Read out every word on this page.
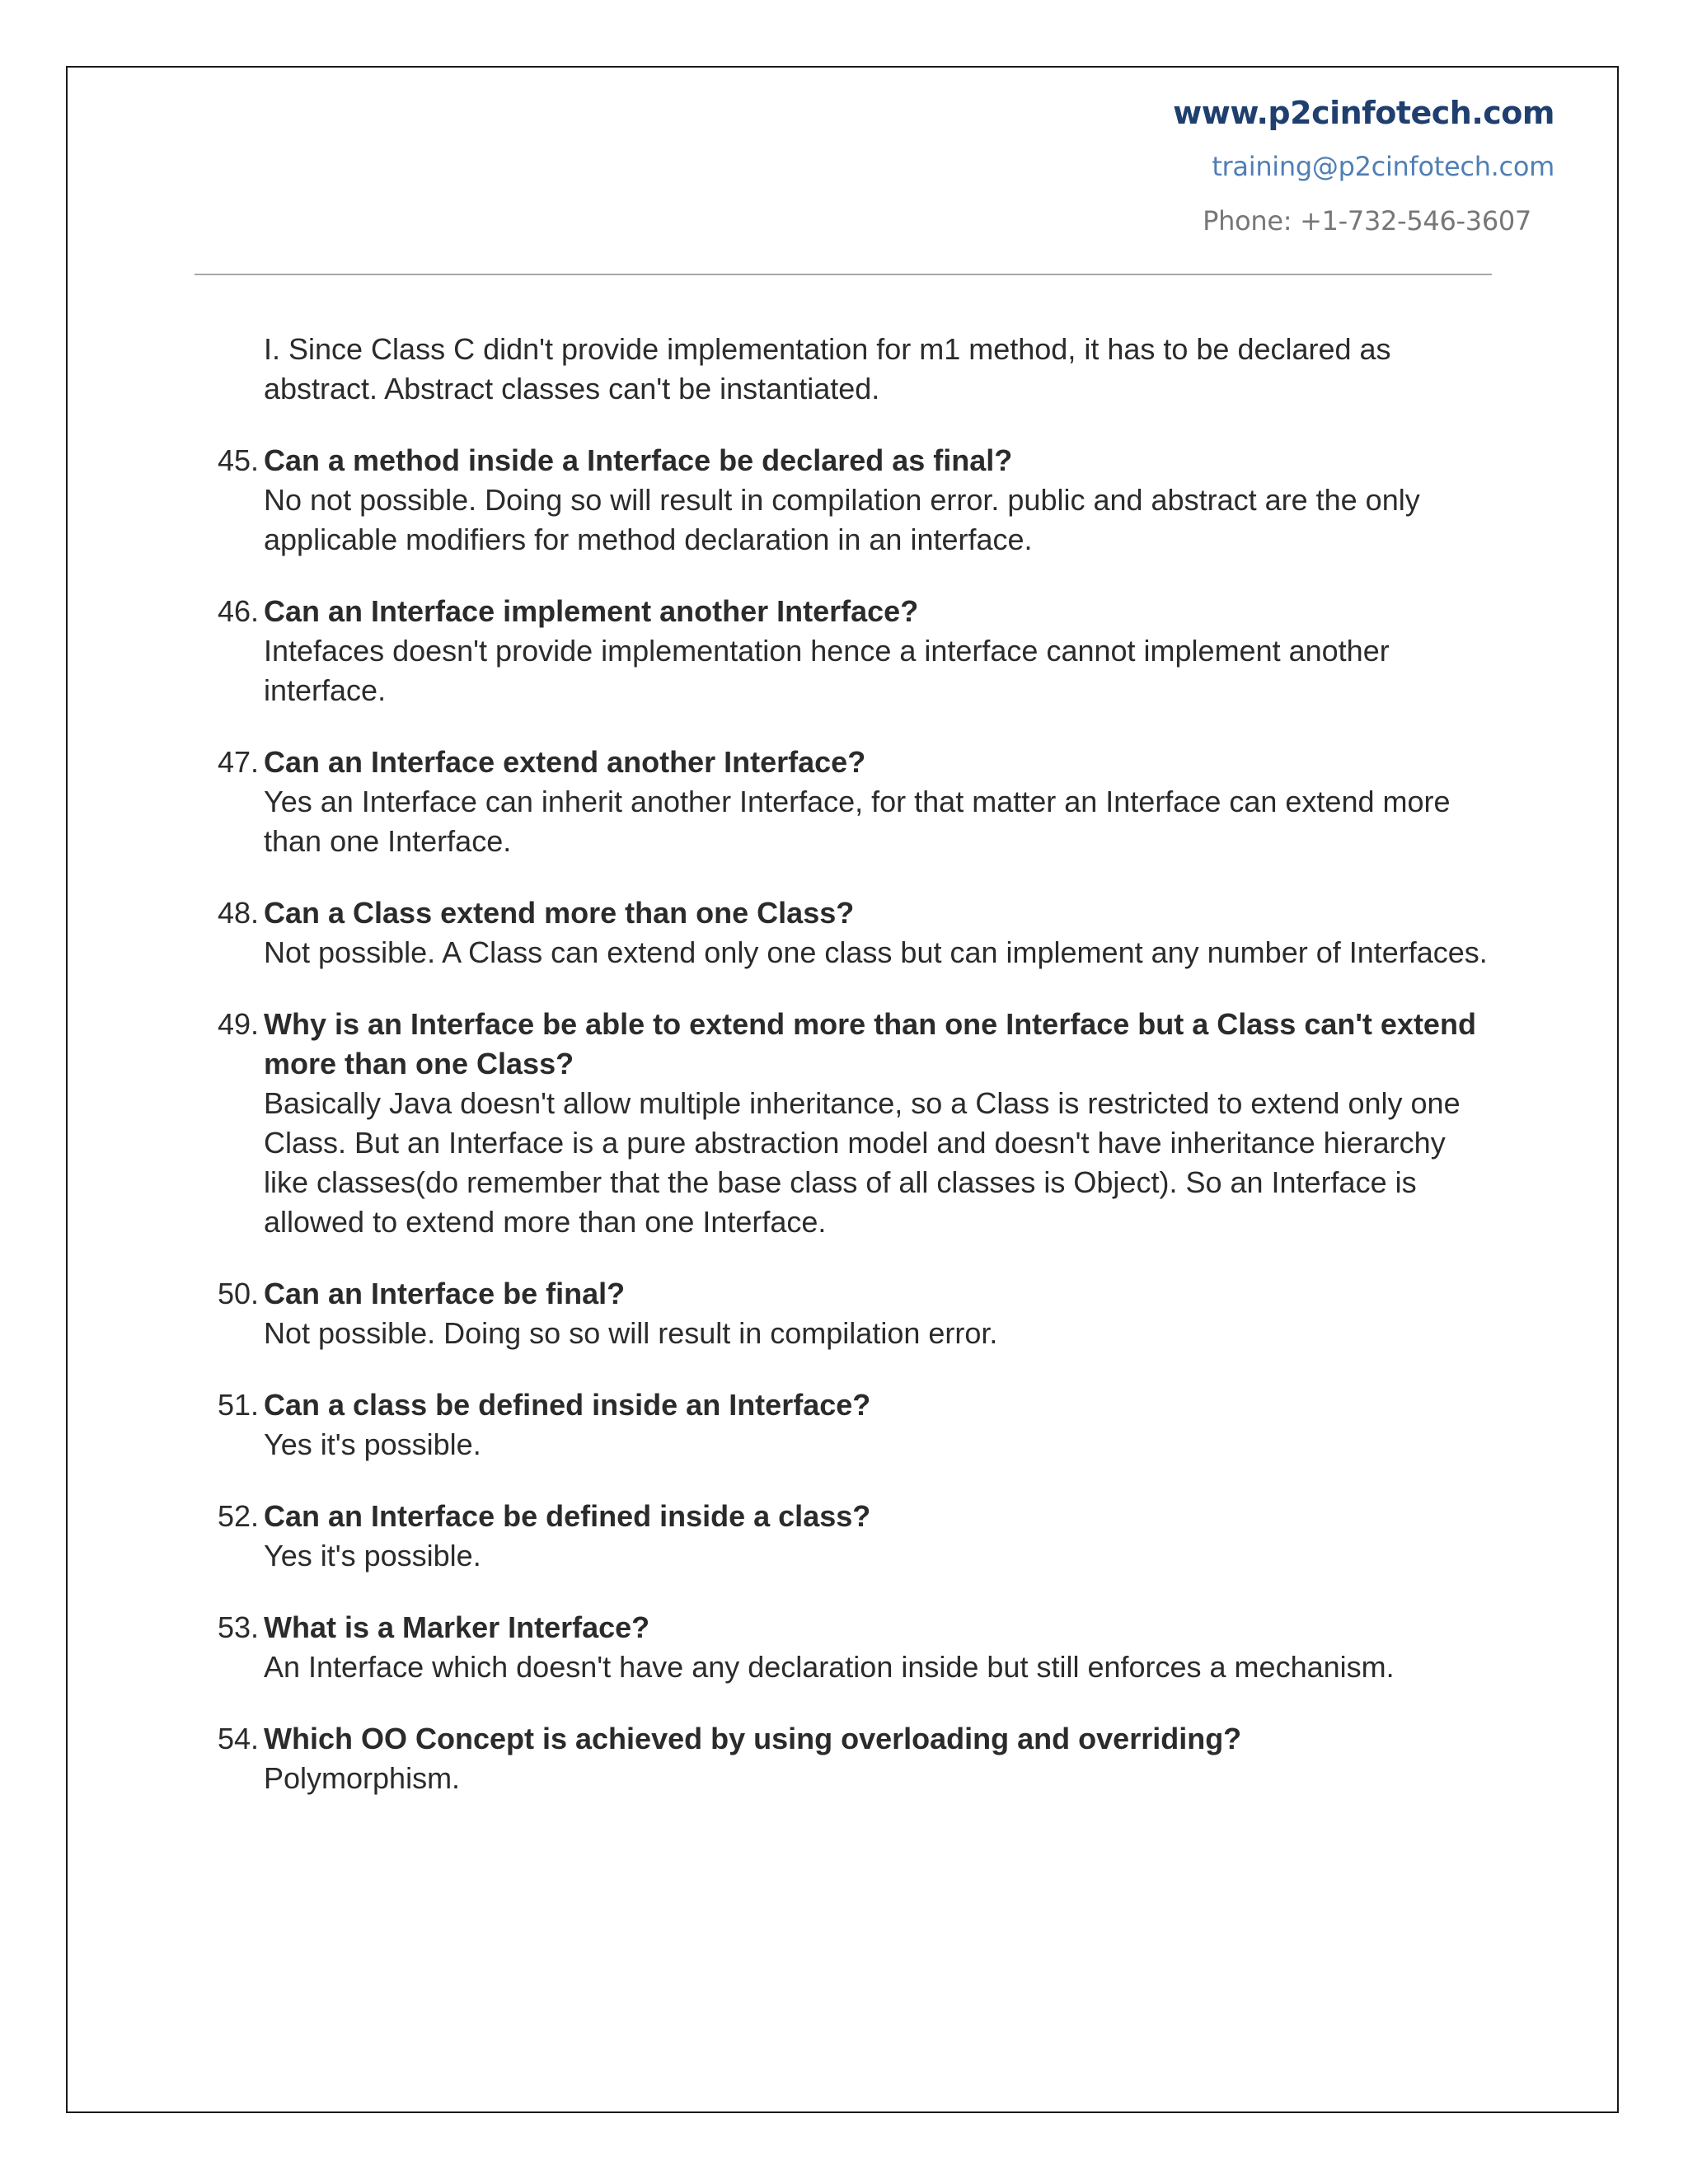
www.p2cinfotech.com
training@p2cinfotech.com
Phone: +1-732-546-3607
I. Since Class C didn't provide implementation for m1 method, it has to be declared as abstract. Abstract classes can't be instantiated.
45. Can a method inside a Interface be declared as final?
No not possible. Doing so will result in compilation error. public and abstract are the only applicable modifiers for method declaration in an interface.
46. Can an Interface implement another Interface?
Intefaces doesn't provide implementation hence a interface cannot implement another interface.
47. Can an Interface extend another Interface?
Yes an Interface can inherit another Interface, for that matter an Interface can extend more than one Interface.
48. Can a Class extend more than one Class?
Not possible. A Class can extend only one class but can implement any number of Interfaces.
49. Why is an Interface be able to extend more than one Interface but a Class can't extend more than one Class?
Basically Java doesn't allow multiple inheritance, so a Class is restricted to extend only one Class. But an Interface is a pure abstraction model and doesn't have inheritance hierarchy like classes(do remember that the base class of all classes is Object). So an Interface is allowed to extend more than one Interface.
50. Can an Interface be final?
Not possible. Doing so so will result in compilation error.
51. Can a class be defined inside an Interface?
Yes it's possible.
52. Can an Interface be defined inside a class?
Yes it's possible.
53. What is a Marker Interface?
An Interface which doesn't have any declaration inside but still enforces a mechanism.
54. Which OO Concept is achieved by using overloading and overriding?
Polymorphism.
